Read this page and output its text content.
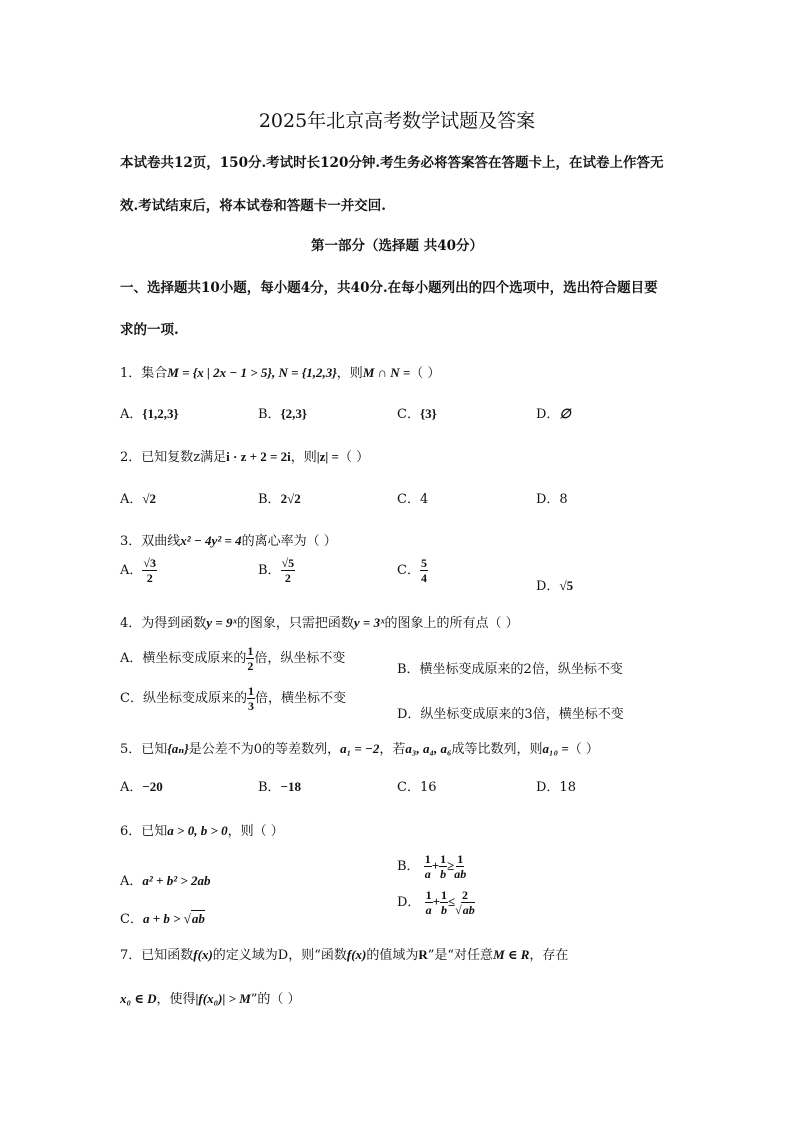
2025年北京高考数学试题及答案
本试卷共12页，150分.考试时长120分钟.考生务必将答案答在答题卡上，在试卷上作答无
效.考试结束后，将本试卷和答题卡一并交回.
第一部分（选择题 共40分）
一、选择题共10小题，每小题4分，共40分.在每小题列出的四个选项中，选出符合题目要
求的一项.
1．集合M = {x | 2x − 1 > 5}, N = {1,2,3}，则M ∩ N =（ ）
A．{1,2,3}	B．{2,3}	C．{3}	D．∅
2．已知复数z满足i · z + 2 = 2i，则|z| =（ ）
A．√2	B．2√2	C．4	D．8
3．双曲线x² − 4y² = 4的离心率为（ ）
A． $\frac{√3}{2}$	B． $\frac{√5}{2}$	C． $\frac{5}{4}$
D．√5
4．为得到函数y = 9ˣ的图象，只需把函数y = 3ˣ的图象上的所有点（ ）
A．横坐标变成原来的 $\frac{1}{2}$ 倍，纵坐标不变
B．横坐标变成原来的2倍，纵坐标不变
C．纵坐标变成原来的 $\frac{1}{3}$ 倍，横坐标不变
D．纵坐标变成原来的3倍，横坐标不变
5．已知{aₙ}是公差不为0的等差数列，a₁ = −2，若a₃, a₄, a₆成等比数列，则a₁₀ =（ ）
A．−20	B．−18	C．16	D．18
6．已知a > 0, b > 0，则（ ）
A．a² + b² > 2ab
B． $\frac{1}{a} + \frac{1}{b} \ge \frac{1}{ab}$
C．a + b > √ab
D． $\frac{1}{a} + \frac{1}{b} \le \frac{2}{√ab}$
7．已知函数f(x)的定义域为D，则“函数f(x)的值域为R”是“对任意M ∈ R，存在
x₀ ∈ D，使得|f(x₀)| > M”的（ ）
